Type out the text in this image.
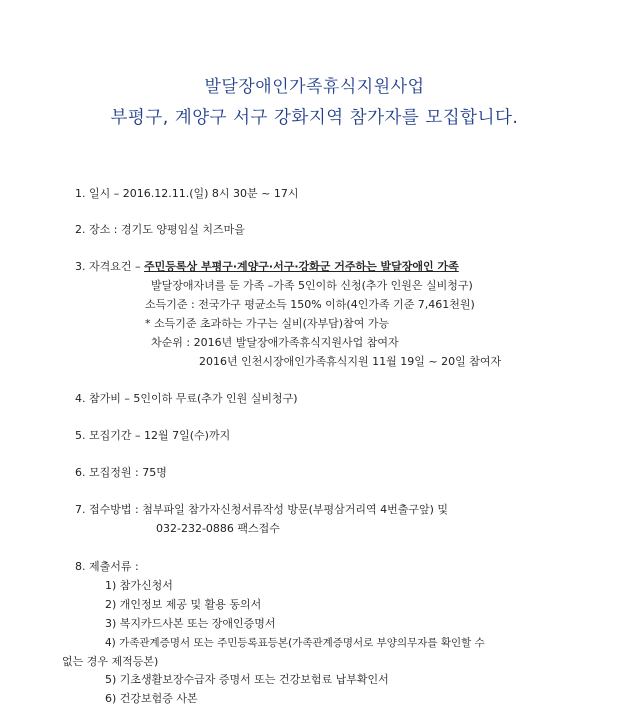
발달장애인가족휴식지원사업
부평구, 계양구 서구 강화지역 참가자를 모집합니다.
1. 일시 – 2016.12.11.(일) 8시 30분 ~ 17시
2. 장소 : 경기도 양평임실 치즈마을
3. 자격요건 – 주민등록상 부평구·계양구·서구·강화군 거주하는 발달장애인 가족
발달장애자녀를 둔 가족 –가족 5인이하 신청(추가 인원은 실비청구)
소득기준 : 전국가구 평균소득 150% 이하(4인가족 기준 7,461천원)
* 소득기준 초과하는 가구는 실비(자부담)참여 가능
차순위 : 2016년 발달장애가족휴식지원사업 참여자
2016년 인천시장애인가족휴식지원 11월 19일 ~ 20일 참여자
4. 참가비 – 5인이하 무료(추가 인원 실비청구)
5. 모집기간 – 12월 7일(수)까지
6. 모집정원 : 75명
7. 접수방법 : 첨부파일 참가자신청서류작성 방문(부평삼거리역 4번출구앞) 및
032-232-0886 팩스접수
8. 제출서류 :
1) 참가신청서
2) 개인정보 제공 및 활용 동의서
3) 복지카드사본 또는 장애인증명서
4) 가족관계증명서 또는 주민등록표등본(가족관계증명서로 부양의무자를 확인할 수
없는 경우 제적등본)
5) 기초생활보장수급자 증명서 또는 건강보험료 납부확인서
6) 건강보험증 사본
